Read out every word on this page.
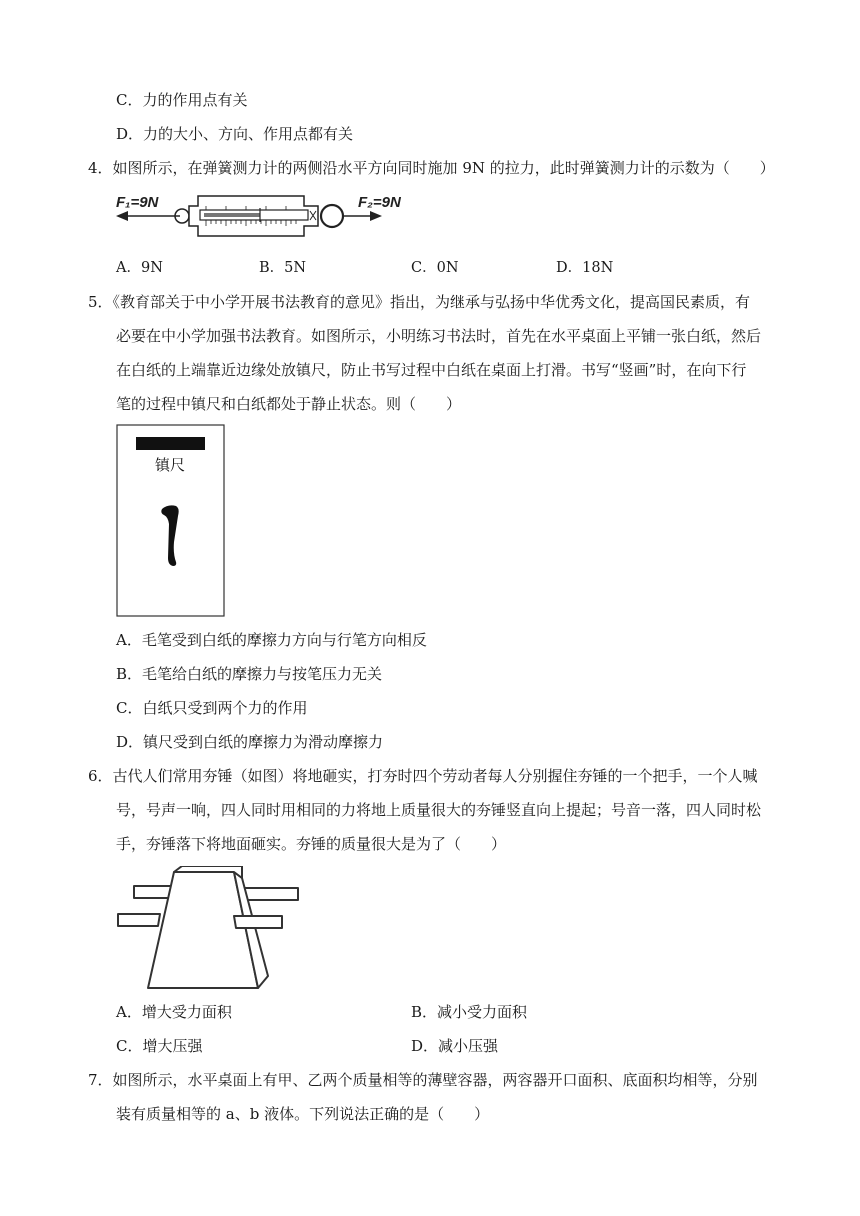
C．力的作用点有关
D．力的大小、方向、作用点都有关
4．如图所示，在弹簧测力计的两侧沿水平方向同时施加 9N 的拉力，此时弹簧测力计的示数为（　　）
F₁=9N	F₂=9N
A．9N	B．5N	C．0N	D．18N
5．《教育部关于中小学开展书法教育的意见》指出，为继承与弘扬中华优秀文化，提高国民素质，有
必要在中小学加强书法教育。如图所示，小明练习书法时，首先在水平桌面上平铺一张白纸，然后
在白纸的上端靠近边缘处放镇尺，防止书写过程中白纸在桌面上打滑。书写“竖画”时，在向下行
笔的过程中镇尺和白纸都处于静止状态。则（　　）
镇尺
A．毛笔受到白纸的摩擦力方向与行笔方向相反
B．毛笔给白纸的摩擦力与按笔压力无关
C．白纸只受到两个力的作用
D．镇尺受到白纸的摩擦力为滑动摩擦力
6．古代人们常用夯锤（如图）将地砸实，打夯时四个劳动者每人分别握住夯锤的一个把手，一个人喊
号，号声一响，四人同时用相同的力将地上质量很大的夯锤竖直向上提起；号音一落，四人同时松
手，夯锤落下将地面砸实。夯锤的质量很大是为了（　　）
A．增大受力面积	B．减小受力面积
C．增大压强	D．减小压强
7．如图所示，水平桌面上有甲、乙两个质量相等的薄壁容器，两容器开口面积、底面积均相等，分别
装有质量相等的 a、b 液体。下列说法正确的是（　　）
